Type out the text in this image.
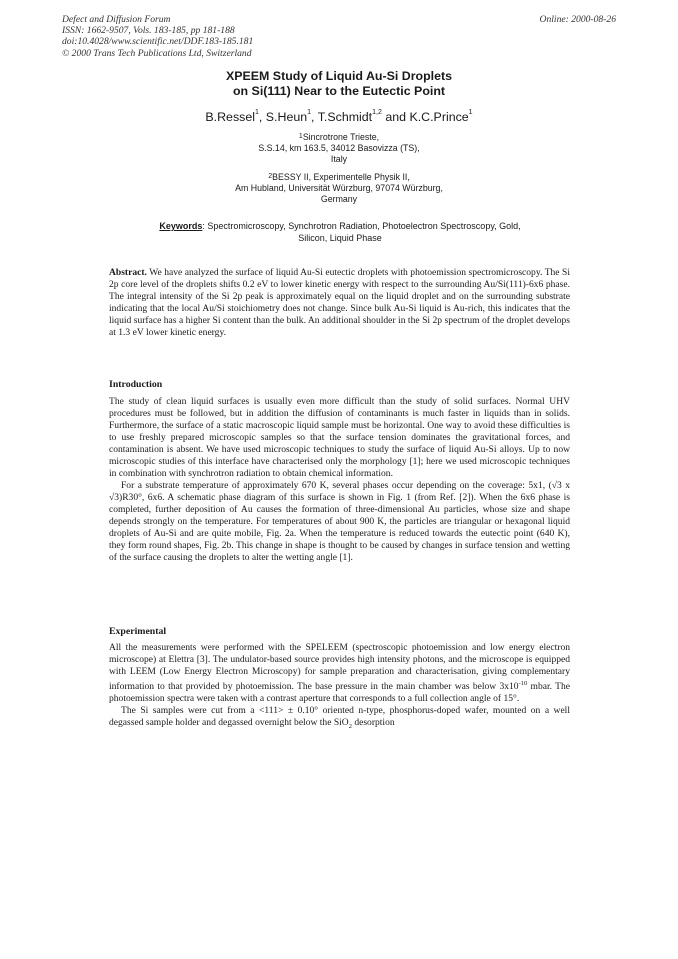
Defect and Diffusion Forum
ISSN: 1662-9507, Vols. 183-185, pp 181-188
doi:10.4028/www.scientific.net/DDF.183-185.181
© 2000 Trans Tech Publications Ltd, Switzerland
Online: 2000-08-26
XPEEM Study of Liquid Au-Si Droplets
on Si(111) Near to the Eutectic Point
B.Ressel$^1$, S.Heun$^1$, T.Schmidt$^{1,2}$ and K.C.Prince$^1$
$^1$Sincrotrone Trieste,
S.S.14, km 163.5, 34012 Basovizza (TS),
Italy
$^2$BESSY II, Experimentelle Physik II,
Am Hubland, Universität Würzburg, 97074 Würzburg,
Germany
Keywords: Spectromicroscopy, Synchrotron Radiation, Photoelectron Spectroscopy, Gold,
Silicon, Liquid Phase

Abstract. We have analyzed the surface of liquid Au-Si eutectic droplets with photoemission spectromicroscopy. The Si 2p core level of the droplets shifts 0.2 eV to lower kinetic energy with respect to the surrounding Au/Si(111)-6x6 phase. The integral intensity of the Si 2p peak is approximately equal on the liquid droplet and on the surrounding substrate indicating that the local Au/Si stoichiometry does not change. Since bulk Au-Si liquid is Au-rich, this indicates that the liquid surface has a higher Si content than the bulk. An additional shoulder in the Si 2p spectrum of the droplet develops at 1.3 eV lower kinetic energy.

Introduction

The study of clean liquid surfaces is usually even more difficult than the study of solid surfaces. Normal UHV procedures must be followed, but in addition the diffusion of contaminants is much faster in liquids than in solids. Furthermore, the surface of a static macroscopic liquid sample must be horizontal. One way to avoid these difficulties is to use freshly prepared microscopic samples so that the surface tension dominates the gravitational forces, and contamination is absent. We have used microscopic techniques to study the surface of liquid Au-Si alloys. Up to now microscopic studies of this interface have characterised only the morphology [1]; here we used microscopic techniques in combination with synchrotron radiation to obtain chemical information.

For a substrate temperature of approximately 670 K, several phases occur depending on the coverage: 5x1, (√3 x √3)R30°, 6x6. A schematic phase diagram of this surface is shown in Fig. 1 (from Ref. [2]). When the 6x6 phase is completed, further deposition of Au causes the formation of three-dimensional Au particles, whose size and shape depends strongly on the temperature. For temperatures of about 900 K, the particles are triangular or hexagonal liquid droplets of Au-Si and are quite mobile, Fig. 2a. When the temperature is reduced towards the eutectic point (640 K), they form round shapes, Fig. 2b. This change in shape is thought to be caused by changes in surface tension and wetting of the surface causing the droplets to alter the wetting angle [1].

Experimental

All the measurements were performed with the SPELEEM (spectroscopic photoemission and low energy electron microscope) at Elettra [3]. The undulator-based source provides high intensity photons, and the microscope is equipped with LEEM (Low Energy Electron Microscopy) for sample preparation and characterisation, giving complementary information to that provided by photoemission. The base pressure in the main chamber was below $3x10^{-10}$ mbar. The photoemission spectra were taken with a contrast aperture that corresponds to a full collection angle of 15°.

The Si samples were cut from a <111> ± 0.10° oriented n-type, phosphorus-doped wafer, mounted on a well degassed sample holder and degassed overnight below the SiO$_2$ desorption
